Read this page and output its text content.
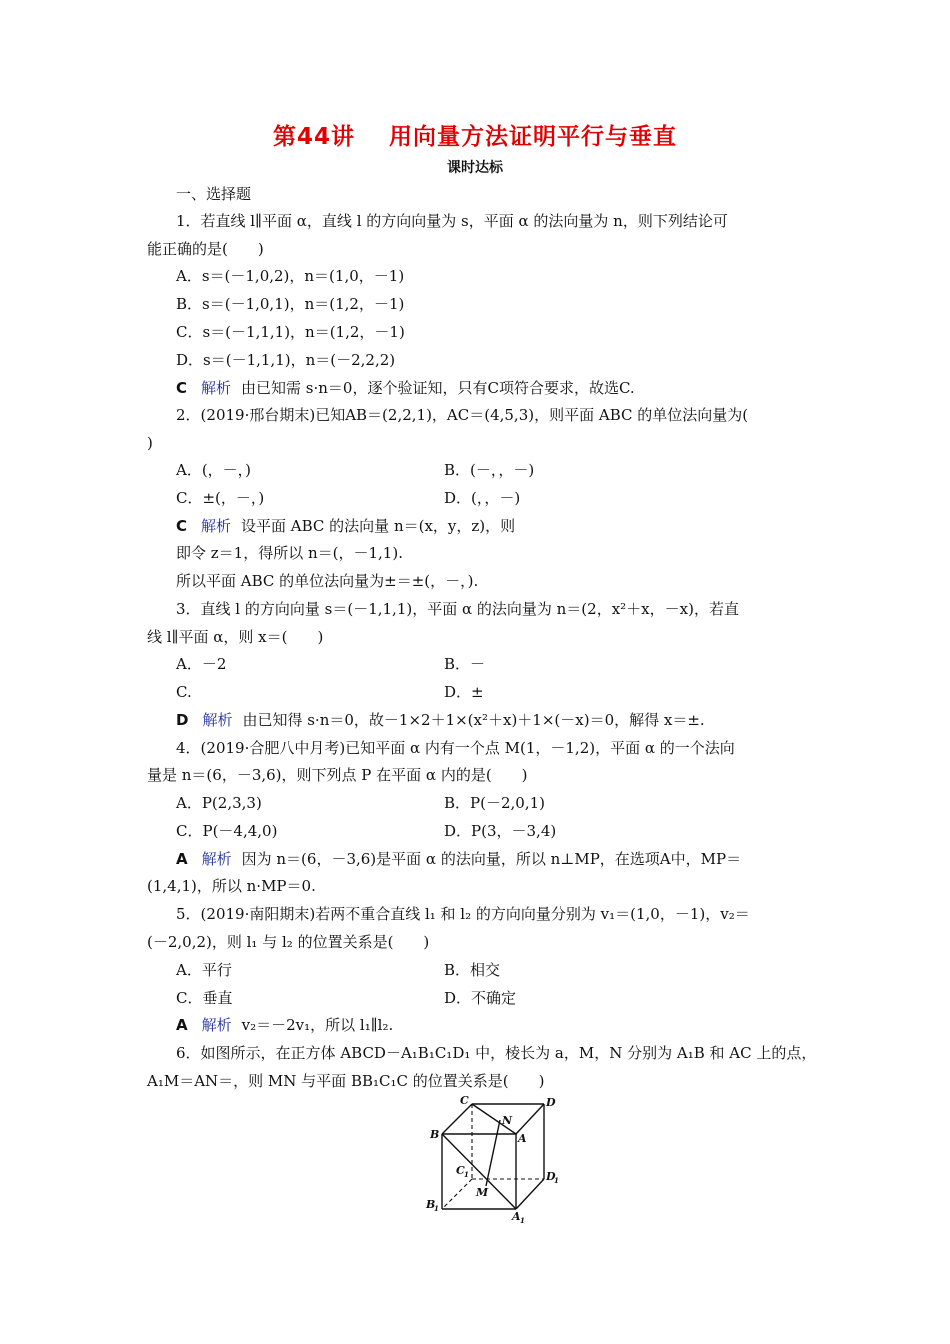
第44讲 用向量方法证明平行与垂直
课时达标
一、选择题
1．若直线 l∥平面 α，直线 l 的方向向量为 s，平面 α 的法向量为 n，则下列结论可
能正确的是(　　)
A．s＝(－1,0,2)，n＝(1,0，－1)
B．s＝(－1,0,1)，n＝(1,2，－1)
C．s＝(－1,1,1)，n＝(1,2，－1)
D．s＝(－1,1,1)，n＝(－2,2,2)
C 解析 由已知需 s·n＝0，逐个验证知，只有C项符合要求，故选C.
2．(2019·邢台期末)已知AB＝(2,2,1)，AC＝(4,5,3)，则平面 ABC 的单位法向量为(
)
A．(，－，)	B．(－，，－)
C．±(，－，)	D．(，，－)
C 解析 设平面 ABC 的法向量 n＝(x，y，z)，则
即令 z＝1，得所以 n＝(，－1,1).
所以平面 ABC 的单位法向量为±＝±(，－，).
3．直线 l 的方向向量 s＝(－1,1,1)，平面 α 的法向量为 n＝(2，x²＋x，－x)，若直
线 l∥平面 α，则 x＝(　　)
A．－2	B．－
C.	D．±
D 解析 由已知得 s·n＝0，故－1×2＋1×(x²＋x)＋1×(－x)＝0，解得 x＝±.
4．(2019·合肥八中月考)已知平面 α 内有一个点 M(1，－1,2)，平面 α 的一个法向
量是 n＝(6，－3,6)，则下列点 P 在平面 α 内的是(　　)
A．P(2,3,3)	B．P(－2,0,1)
C．P(－4,4,0)	D．P(3，－3,4)
A 解析 因为 n＝(6，－3,6)是平面 α 的法向量，所以 n⊥MP，在选项A中，MP＝
(1,4,1)，所以 n·MP＝0.
5．(2019·南阳期末)若两不重合直线 l₁ 和 l₂ 的方向向量分别为 v₁＝(1,0，－1)，v₂＝
(－2,0,2)，则 l₁ 与 l₂ 的位置关系是(　　)
A．平行	B．相交
C．垂直	D．不确定
A 解析 v₂＝－2v₁，所以 l₁∥l₂.
6．如图所示，在正方体 ABCD－A₁B₁C₁D₁ 中，棱长为 a，M，N 分别为 A₁B 和 AC 上的点，
A₁M＝AN＝，则 MN 与平面 BB₁C₁C 的位置关系是(　　)
C	D
N
B	A
C 1
M
D
1
B
1
A 1
